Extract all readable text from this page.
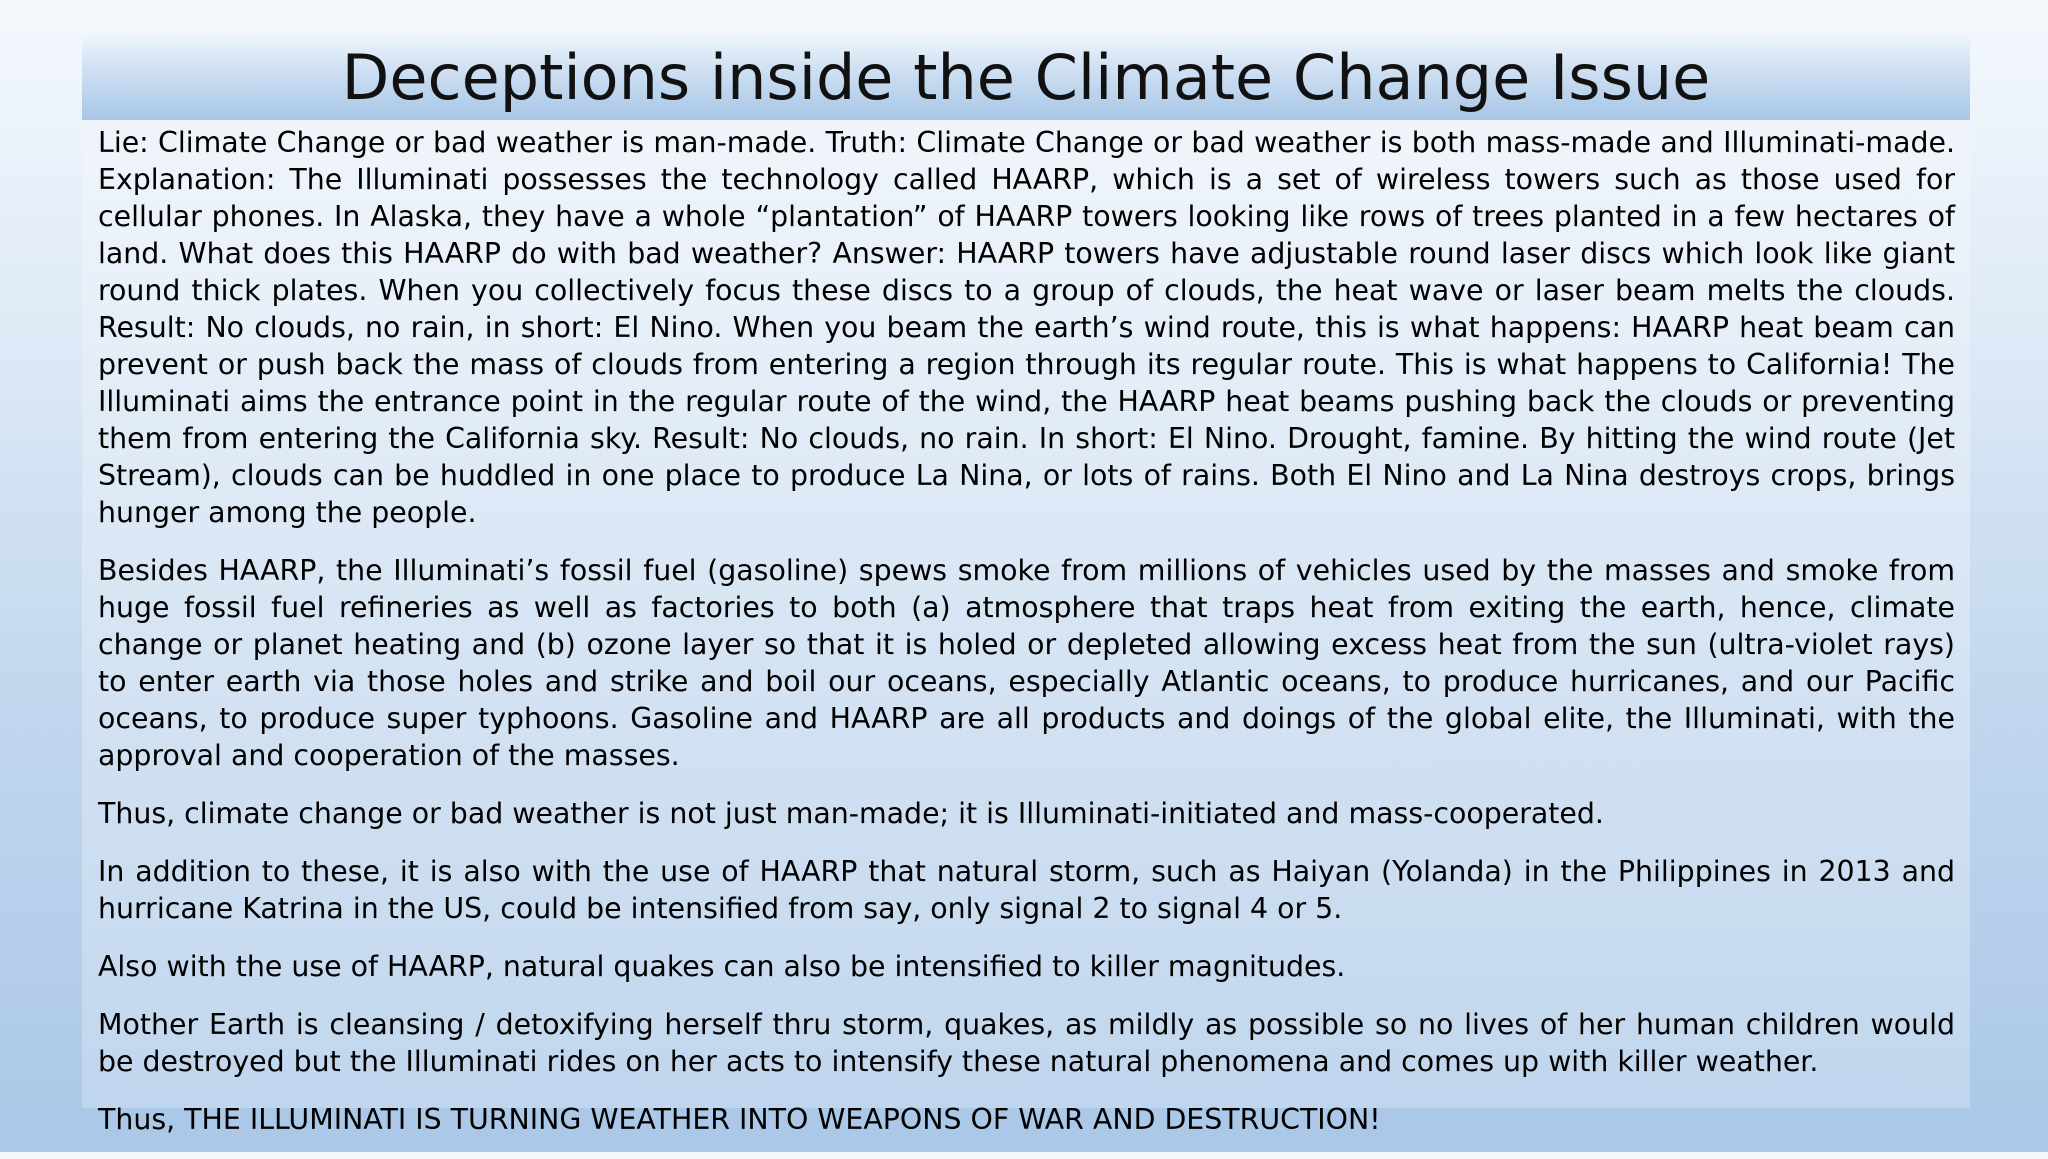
Deceptions inside the Climate Change Issue

Lie: Climate Change or bad weather is man-made. Truth: Climate Change or bad weather is both mass-made and Illuminati-made. Explanation: The Illuminati possesses the technology called HAARP, which is a set of wireless towers such as those used for cellular phones. In Alaska, they have a whole “plantation” of HAARP towers looking like rows of trees planted in a few hectares of land. What does this HAARP do with bad weather? Answer: HAARP towers have adjustable round laser discs which look like giant round thick plates. When you collectively focus these discs to a group of clouds, the heat wave or laser beam melts the clouds. Result: No clouds, no rain, in short: El Nino. When you beam the earth’s wind route, this is what happens: HAARP heat beam can prevent or push back the mass of clouds from entering a region through its regular route. This is what happens to California! The Illuminati aims the entrance point in the regular route of the wind, the HAARP heat beams pushing back the clouds or preventing them from entering the California sky. Result: No clouds, no rain. In short: El Nino. Drought, famine. By hitting the wind route (Jet Stream), clouds can be huddled in one place to produce La Nina, or lots of rains. Both El Nino and La Nina destroys crops, brings hunger among the people.

Besides HAARP, the Illuminati’s fossil fuel (gasoline) spews smoke from millions of vehicles used by the masses and smoke from huge fossil fuel refineries as well as factories to both (a) atmosphere that traps heat from exiting the earth, hence, climate change or planet heating and (b) ozone layer so that it is holed or depleted allowing excess heat from the sun (ultra-violet rays) to enter earth via those holes and strike and boil our oceans, especially Atlantic oceans, to produce hurricanes, and our Pacific oceans, to produce super typhoons. Gasoline and HAARP are all products and doings of the global elite, the Illuminati, with the approval and cooperation of the masses.

Thus, climate change or bad weather is not just man-made; it is Illuminati-initiated and mass-cooperated.

In addition to these, it is also with the use of HAARP that natural storm, such as Haiyan (Yolanda) in the Philippines in 2013 and hurricane Katrina in the US, could be intensified from say, only signal 2 to signal 4 or 5.

Also with the use of HAARP, natural quakes can also be intensified to killer magnitudes.

Mother Earth is cleansing / detoxifying herself thru storm, quakes, as mildly as possible so no lives of her human children would be destroyed but the Illuminati rides on her acts to intensify these natural phenomena and comes up with killer weather.

Thus, THE ILLUMINATI IS TURNING WEATHER INTO WEAPONS OF WAR AND DESTRUCTION!
